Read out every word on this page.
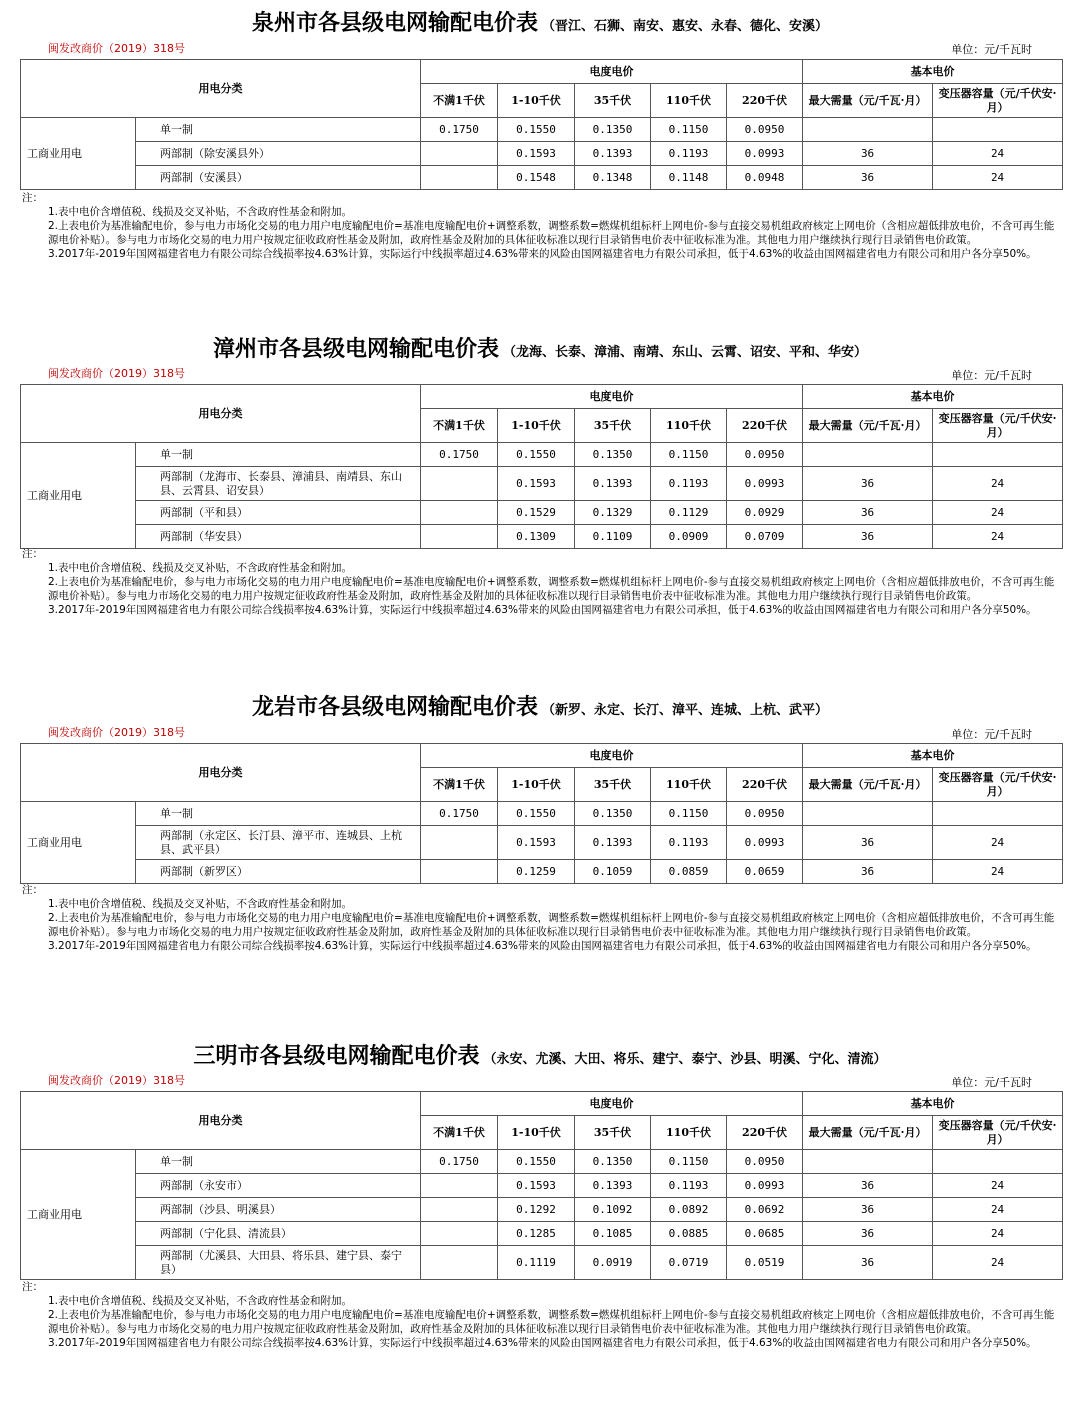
泉州市各县级电网输配电价表 （晋江、石狮、南安、惠安、永春、德化、安溪）
闽发改商价（2019）318号	单位：元/千瓦时
用电分类		电度电价					基本电价	
		不满1千伏	1-10千伏	35千伏	110千伏	220千伏	最大需量（元/千瓦·月）	变压器容量（元/千伏安·月）
工商业用电	单一制	0.1750	0.1550	0.1350	0.1150	0.0950		
	两部制（除安溪县外）		0.1593	0.1393	0.1193	0.0993	36	24
	两部制（安溪县）		0.1548	0.1348	0.1148	0.0948	36	24

注：

1.表中电价含增值税、线损及交叉补贴，不含政府性基金和附加。

2.上表电价为基准输配电价，参与电力市场化交易的电力用户电度输配电价=基准电度输配电价+调整系数，调整系数=燃煤机组标杆上网电价-参与直接交易机组政府核定上网电价（含相应超低排放电价，不含可再生能源电价补贴）。参与电力市场化交易的电力用户按规定征收政府性基金及附加，政府性基金及附加的具体征收标准以现行目录销售电价表中征收标准为准。其他电力用户继续执行现行目录销售电价政策。

3.2017年-2019年国网福建省电力有限公司综合线损率按4.63%计算，实际运行中线损率超过4.63%带来的风险由国网福建省电力有限公司承担，低于4.63%的收益由国网福建省电力有限公司和用户各分享50%。

漳州市各县级电网输配电价表 （龙海、长泰、漳浦、南靖、东山、云霄、诏安、平和、华安）
闽发改商价（2019）318号	单位：元/千瓦时
用电分类		电度电价					基本电价	
		不满1千伏	1-10千伏	35千伏	110千伏	220千伏	最大需量（元/千瓦·月）	变压器容量（元/千伏安·月）
工商业用电	单一制	0.1750	0.1550	0.1350	0.1150	0.0950		
	两部制（龙海市、长泰县、漳浦县、南靖县、东山县、云霄县、诏安县）		0.1593	0.1393	0.1193	0.0993	36	24
	两部制（平和县）		0.1529	0.1329	0.1129	0.0929	36	24
	两部制（华安县）		0.1309	0.1109	0.0909	0.0709	36	24

注：

1.表中电价含增值税、线损及交叉补贴，不含政府性基金和附加。

2.上表电价为基准输配电价，参与电力市场化交易的电力用户电度输配电价=基准电度输配电价+调整系数，调整系数=燃煤机组标杆上网电价-参与直接交易机组政府核定上网电价（含相应超低排放电价，不含可再生能源电价补贴）。参与电力市场化交易的电力用户按规定征收政府性基金及附加，政府性基金及附加的具体征收标准以现行目录销售电价表中征收标准为准。其他电力用户继续执行现行目录销售电价政策。

3.2017年-2019年国网福建省电力有限公司综合线损率按4.63%计算，实际运行中线损率超过4.63%带来的风险由国网福建省电力有限公司承担，低于4.63%的收益由国网福建省电力有限公司和用户各分享50%。

龙岩市各县级电网输配电价表 （新罗、永定、长汀、漳平、连城、上杭、武平）
闽发改商价（2019）318号	单位：元/千瓦时
用电分类		电度电价					基本电价	
		不满1千伏	1-10千伏	35千伏	110千伏	220千伏	最大需量（元/千瓦·月）	变压器容量（元/千伏安·月）
工商业用电	单一制	0.1750	0.1550	0.1350	0.1150	0.0950		
	两部制（永定区、长汀县、漳平市、连城县、上杭县、武平县）		0.1593	0.1393	0.1193	0.0993	36	24
	两部制（新罗区）		0.1259	0.1059	0.0859	0.0659	36	24

注：

1.表中电价含增值税、线损及交叉补贴，不含政府性基金和附加。

2.上表电价为基准输配电价，参与电力市场化交易的电力用户电度输配电价=基准电度输配电价+调整系数，调整系数=燃煤机组标杆上网电价-参与直接交易机组政府核定上网电价（含相应超低排放电价，不含可再生能源电价补贴）。参与电力市场化交易的电力用户按规定征收政府性基金及附加，政府性基金及附加的具体征收标准以现行目录销售电价表中征收标准为准。其他电力用户继续执行现行目录销售电价政策。

3.2017年-2019年国网福建省电力有限公司综合线损率按4.63%计算，实际运行中线损率超过4.63%带来的风险由国网福建省电力有限公司承担，低于4.63%的收益由国网福建省电力有限公司和用户各分享50%。

三明市各县级电网输配电价表 （永安、尤溪、大田、将乐、建宁、泰宁、沙县、明溪、宁化、清流）
闽发改商价（2019）318号	单位：元/千瓦时
用电分类		电度电价					基本电价	
		不满1千伏	1-10千伏	35千伏	110千伏	220千伏	最大需量（元/千瓦·月）	变压器容量（元/千伏安·月）
工商业用电	单一制	0.1750	0.1550	0.1350	0.1150	0.0950		
	两部制（永安市）		0.1593	0.1393	0.1193	0.0993	36	24
	两部制（沙县、明溪县）		0.1292	0.1092	0.0892	0.0692	36	24
	两部制（宁化县、清流县）		0.1285	0.1085	0.0885	0.0685	36	24
	两部制（尤溪县、大田县、将乐县、建宁县、泰宁县）		0.1119	0.0919	0.0719	0.0519	36	24

注：

1.表中电价含增值税、线损及交叉补贴，不含政府性基金和附加。

2.上表电价为基准输配电价，参与电力市场化交易的电力用户电度输配电价=基准电度输配电价+调整系数，调整系数=燃煤机组标杆上网电价-参与直接交易机组政府核定上网电价（含相应超低排放电价，不含可再生能源电价补贴）。参与电力市场化交易的电力用户按规定征收政府性基金及附加，政府性基金及附加的具体征收标准以现行目录销售电价表中征收标准为准。其他电力用户继续执行现行目录销售电价政策。

3.2017年-2019年国网福建省电力有限公司综合线损率按4.63%计算，实际运行中线损率超过4.63%带来的风险由国网福建省电力有限公司承担，低于4.63%的收益由国网福建省电力有限公司和用户各分享50%。
